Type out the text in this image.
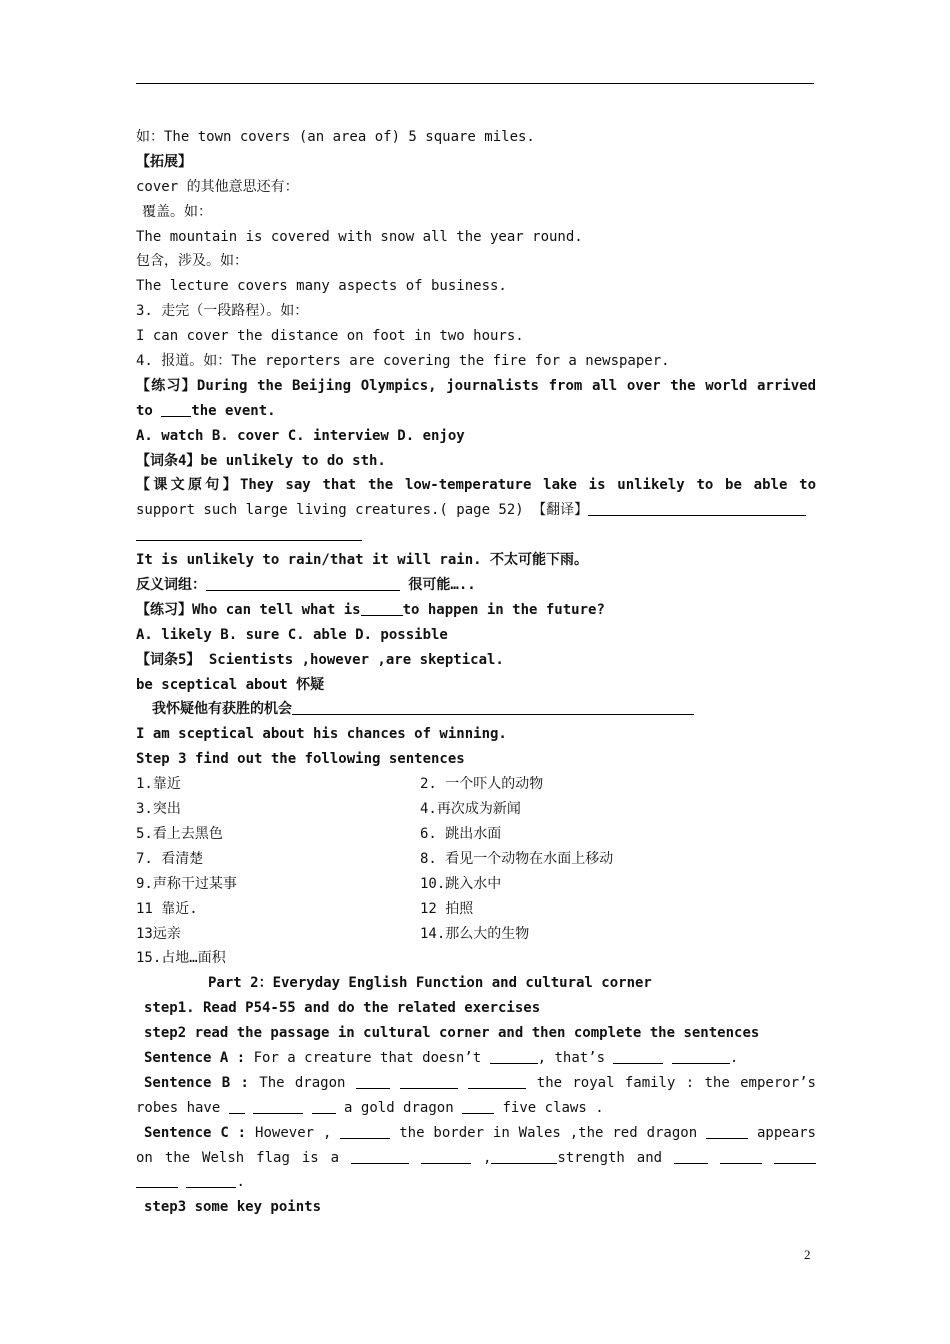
如：The town covers (an area of) 5 square miles.
【拓展】
cover 的其他意思还有：
覆盖。如：
The mountain is covered with snow all the year round.
包含，涉及。如：
The lecture covers many aspects of business.
3. 走完（一段路程）。如：
I can cover the distance on foot in two hours.
4. 报道。如：The reporters are covering the fire for a newspaper.
【练习】During the Beijing Olympics, journalists from all over the world arrived
to the event.
A. watch B. cover C. interview D. enjoy
【词条4】be unlikely to do sth.
【课文原句】They say that the low-temperature lake is unlikely to be able to
support such large living creatures.( page 52) 【翻译】
It is unlikely to rain/that it will rain. 不太可能下雨。
反义词组：	很可能…..
【练习】Who can tell what is	to happen in the future?
A. likely B. sure C. able D. possible
【词条5】 Scientists ,however ,are skeptical.
be sceptical about 怀疑
我怀疑他有获胜的机会
I am sceptical about his chances of winning.
Step 3 find out the following sentences
1.靠近	2. 一个吓人的动物
3.突出	4.再次成为新闻
5.看上去黑色	6. 跳出水面
7. 看清楚	8. 看见一个动物在水面上移动
9.声称干过某事	10.跳入水中
11 靠近.	12 拍照
13远亲	14.那么大的生物
15.占地…面积
Part 2：Everyday English Function and cultural corner
step1. Read P54-55 and do the related exercises
step2 read the passage in cultural corner and then complete the sentences
Sentence A : For a creature that doesn’t	, that’s	.
Sentence B : The dragon	the royal family : the emperor’s
robes have	a gold dragon	five claws .
Sentence C : However ,	the border in Wales ,the red dragon	appears
on the Welsh flag is a	,	strength and
.
step3 some key points
2
